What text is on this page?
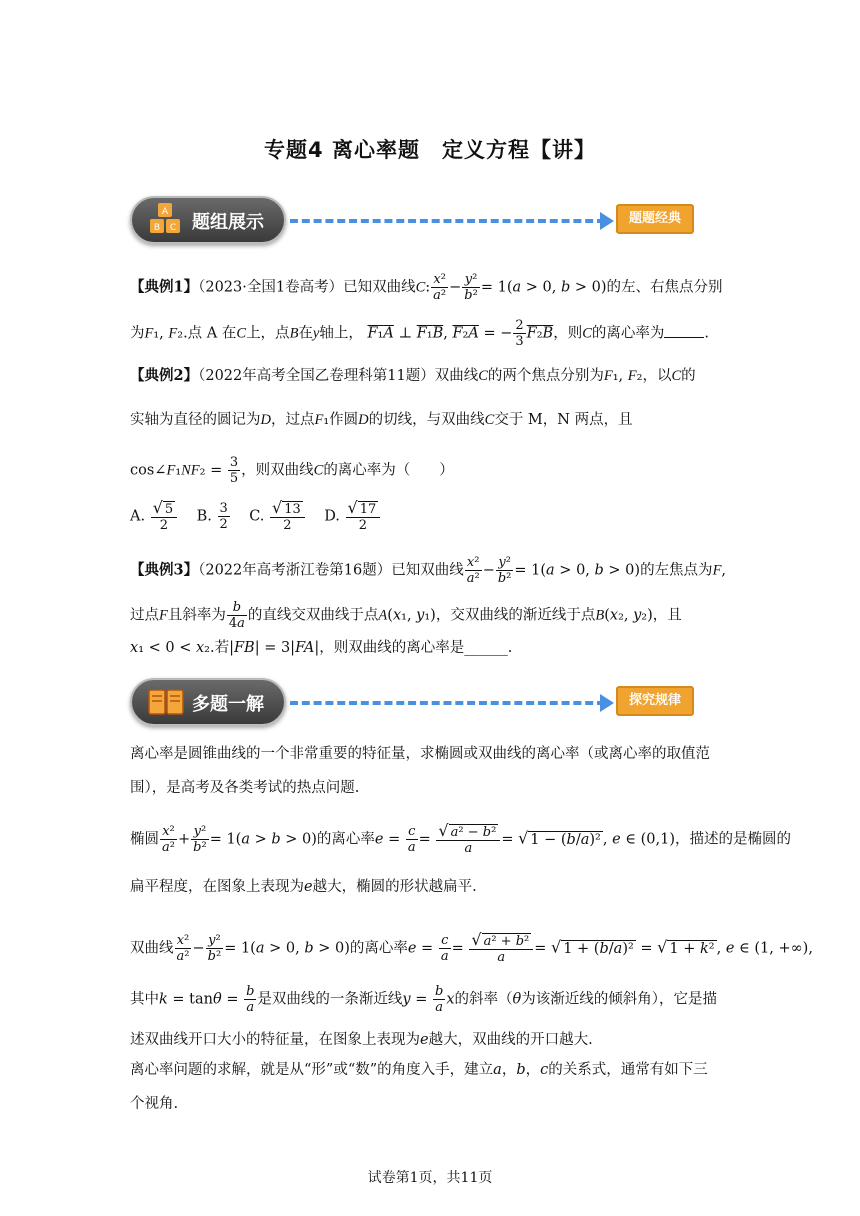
专题4 离心率题　定义方程【讲】
A
B C 题组展示	题题经典
【典例1】（2023·全国1卷高考）已知双曲线C: $\frac{\text{x²}}{\text{a²}} - \frac{\text{y²}}{\text{b²}} = 1(a > 0$, b > 0)的左、右焦点分别
为F₁, F₂.点 A 在C上，点B在y轴上， F₁A ⊥ F₁B, F₂A = − $\frac{2}{3} F_2B$，则C的离心率为	.
【典例2】（2022年高考全国乙卷理科第11题）双曲线C的两个焦点分别为F₁, F₂，以C的
实轴为直径的圆记为D，过点F₁作圆D的切线，与双曲线C交于 M，N 两点，且
cos∠F₁NF₂ = $\frac{3}{5}$ ，则双曲线C的离心率为（　　）
A. $\frac{√ 5}{2} B$. $\frac{3}{2} C$. $\frac{√ 13}{2} D$. $\frac{√ 17}{2}$
【典例3】（2022年高考浙江卷第16题）已知双曲线 $\frac{\text{x²}}{\text{a²}} - \frac{\text{y²}}{\text{b²}} = 1(a > 0$, b > 0)的左焦点为F,
过点F且斜率为 $\frac{b}{4a}$ 的直线交双曲线于点A(x₁, y₁)，交双曲线的渐近线于点B(x₂, y₂)，且
x₁ < 0 < x₂.若|FB| = 3|FA|，则双曲线的离心率是______.
多题一解	探究规律
离心率是圆锥曲线的一个非常重要的特征量，求椭圆或双曲线的离心率（或离心率的取值范
围），是高考及各类考试的热点问题.
椭圆 $\frac{\text{x²}}{\text{a²}} + \frac{\text{y²}}{\text{b²}} = 1(a > b > 0)$的离心率$e = \frac{c}{a} = \frac{\text{√ a² − b²}}{a}$ = √ 1 − (b/a)² , e ∈ (0,1)，描述的是椭圆的
扁平程度，在图象上表现为e越大，椭圆的形状越扁平.
双曲线 $\frac{\text{x²}}{\text{a²}} - \frac{\text{y²}}{\text{b²}} = 1(a > 0$, b > 0)的离心率$e = \frac{c}{a} = \frac{\text{√ a² + b²}}{a}$ = √ 1 + (b/a)² = √ 1 + k² , e ∈ (1, +∞),
其中$k = \tan\theta = \frac{b}{a}$ 是双曲线的一条渐近线$y = \frac{b}{a}$ x的斜率（θ为该渐近线的倾斜角），它是描
述双曲线开口大小的特征量，在图象上表现为e越大，双曲线的开口越大.
离心率问题的求解，就是从“形”或“数”的角度入手，建立a，b，c的关系式，通常有如下三
个视角.
试卷第1页，共11页
